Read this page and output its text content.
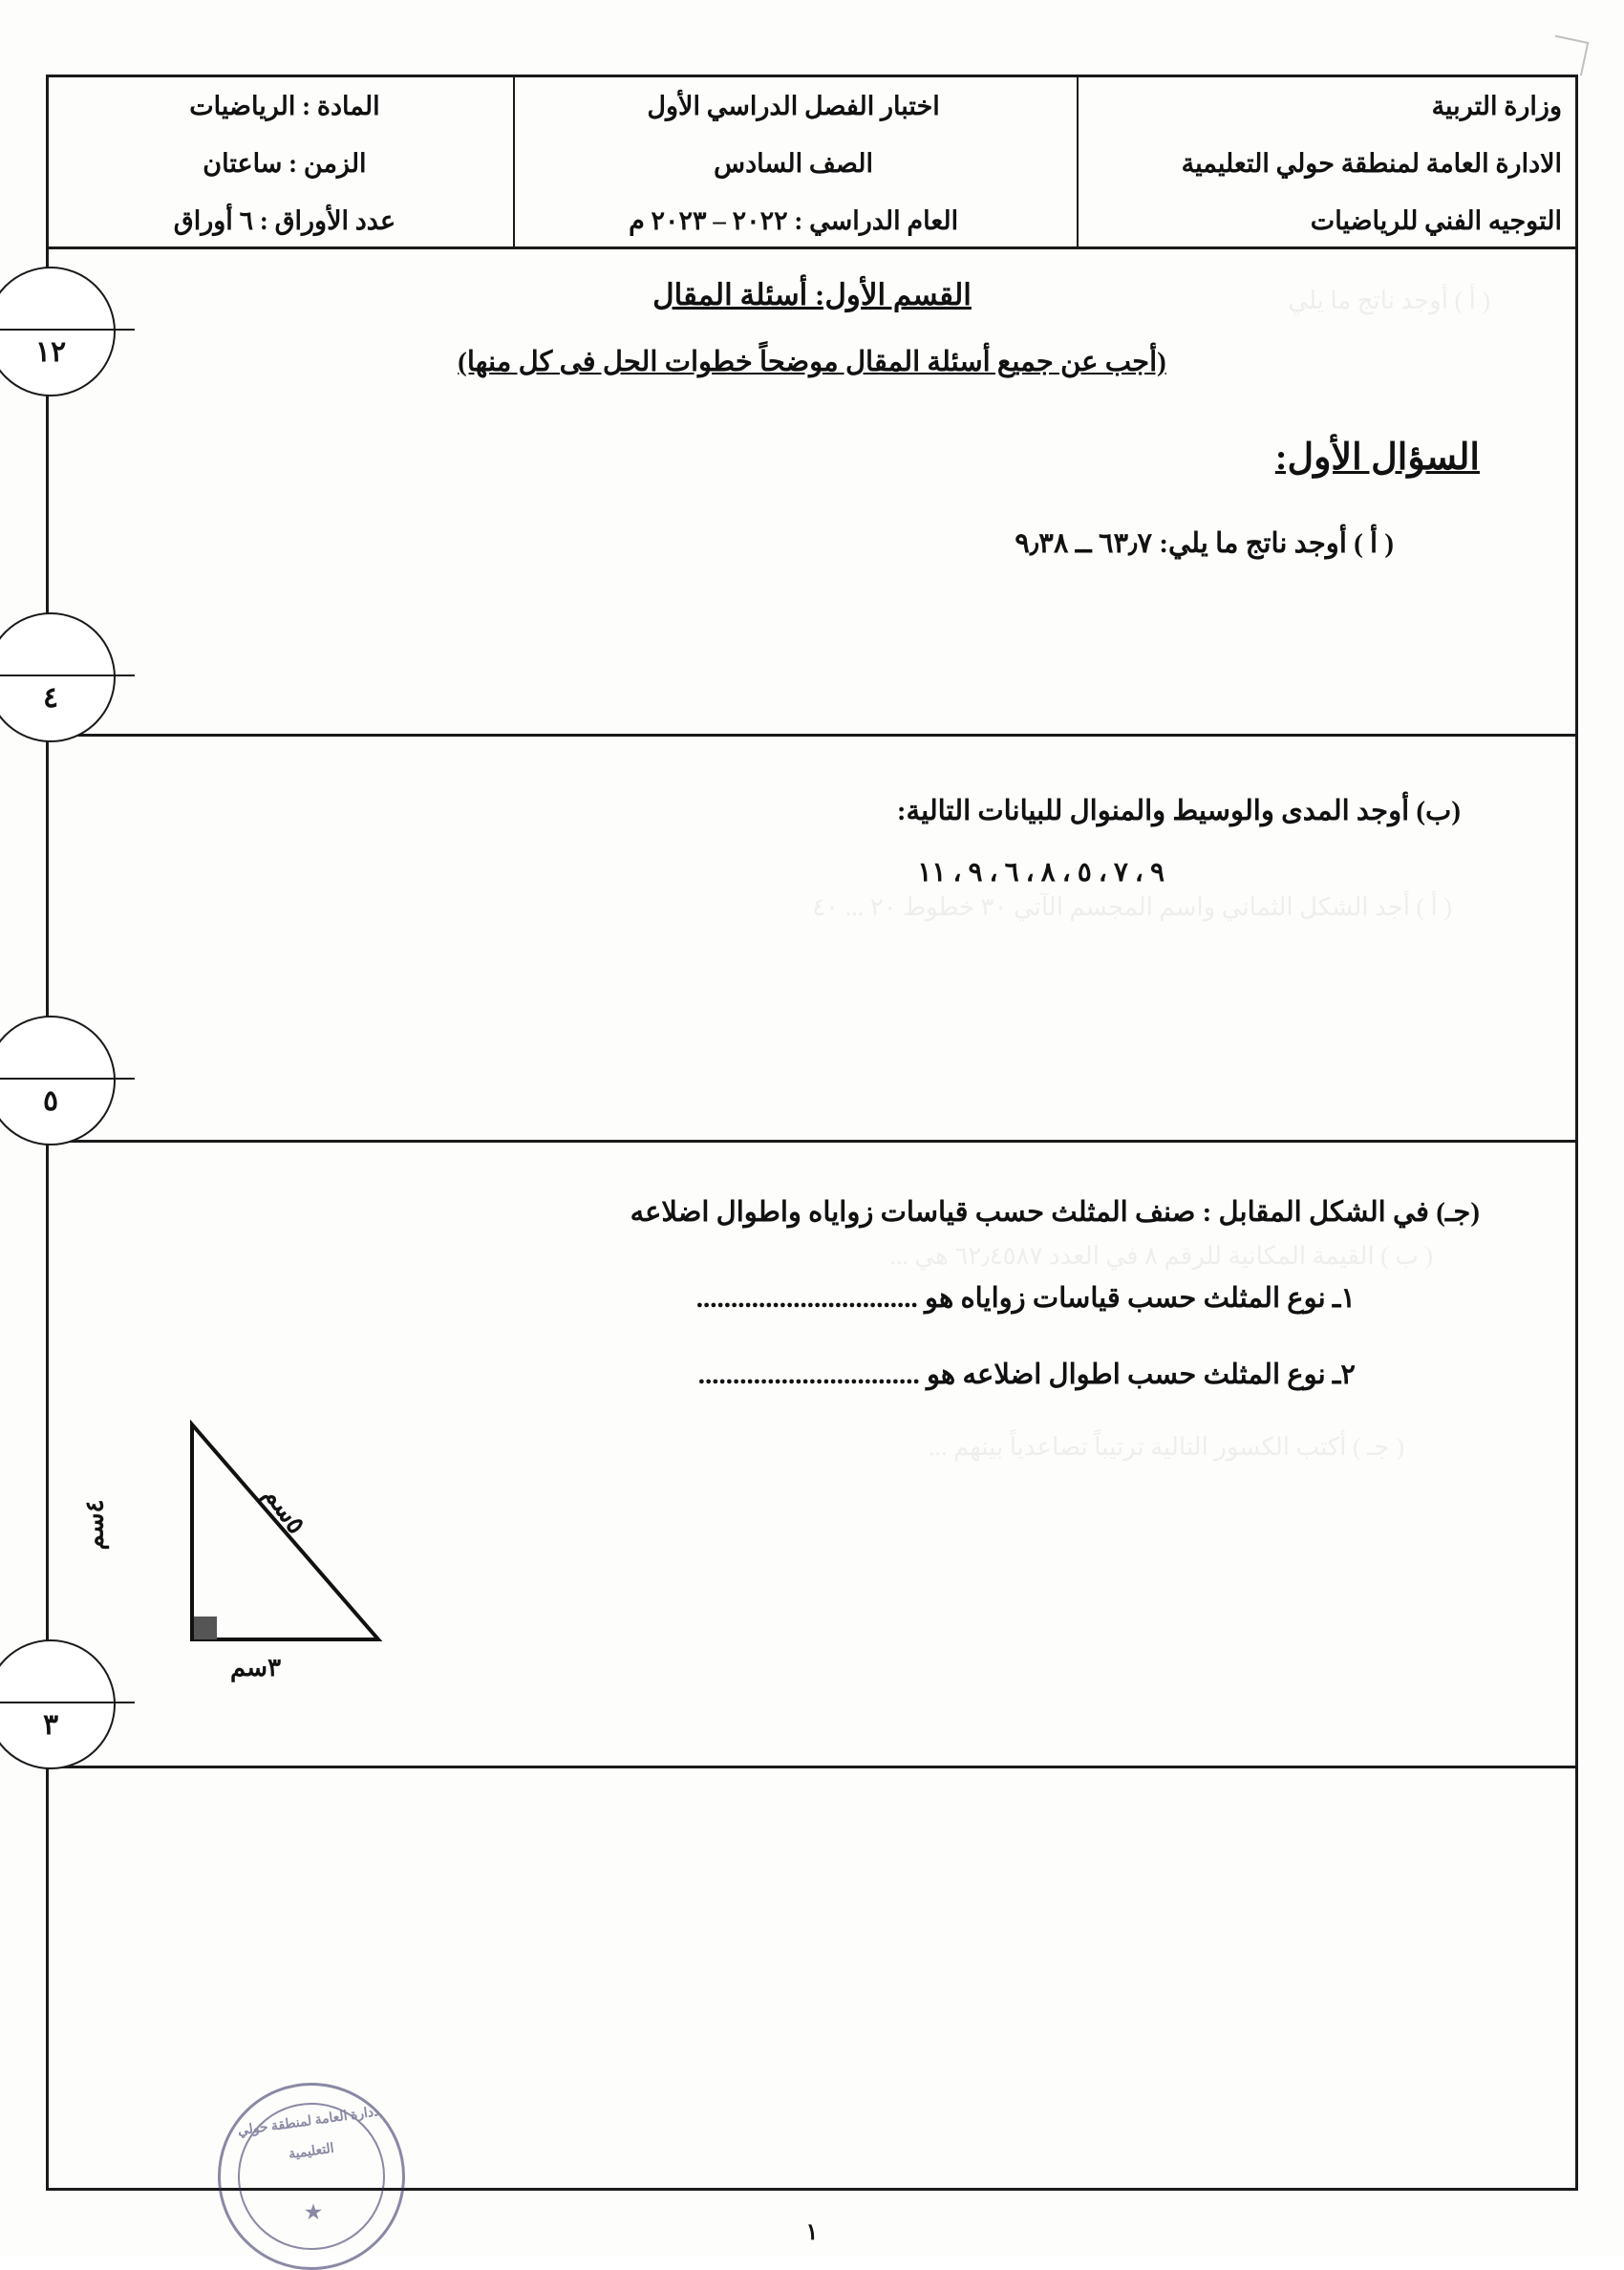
( أ ) أوجد ناتج ما يلي
( أ ) أجد الشكل الثماني واسم المجسم الآتي ٣٠ خطوط ٢٠ ... ٤٠
( ب ) القيمة المكانية للرقم ٨ في العدد ٦٢٫٤٥٨٧ هي ...
( جـ ) أكتب الكسور التالية ترتيباً تصاعدياً بينهم ...
وزارة التربية
اختبار الفصل الدراسي الأول
المادة : الرياضيات
الادارة العامة لمنطقة حولي التعليمية
الصف السادس
الزمن : ساعتان
التوجيه الفني للرياضيات
العام الدراسي : ٢٠٢٢ – ٢٠٢٣ م
عدد الأوراق : ٦ أوراق
١٢
القسم الأول: أسئلة المقال
(أجب عن جميع أسئلة المقال موضحاً خطوات الحل فى كل منها)
السؤال الأول:
( أ ) أوجد ناتج ما يلي: ٦٣٫٧ ــ ٩٫٣٨
٤
(ب) أوجد المدى والوسيط والمنوال للبيانات التالية:
٩ ، ٧ ، ٥ ، ٨ ، ٦ ، ٩ ، ١١
٥
(جـ) في الشكل المقابل : صنف المثلث حسب قياسات زواياه واطوال اضلاعه
١ـ نوع المثلث حسب قياسات زواياه هو ................................
٢ـ نوع المثلث حسب اطوال اضلاعه هو ................................
٤سم	٥سم
٣سم
٣
الادارة العامة لمنطقة حولي
التعليمية
★
١
